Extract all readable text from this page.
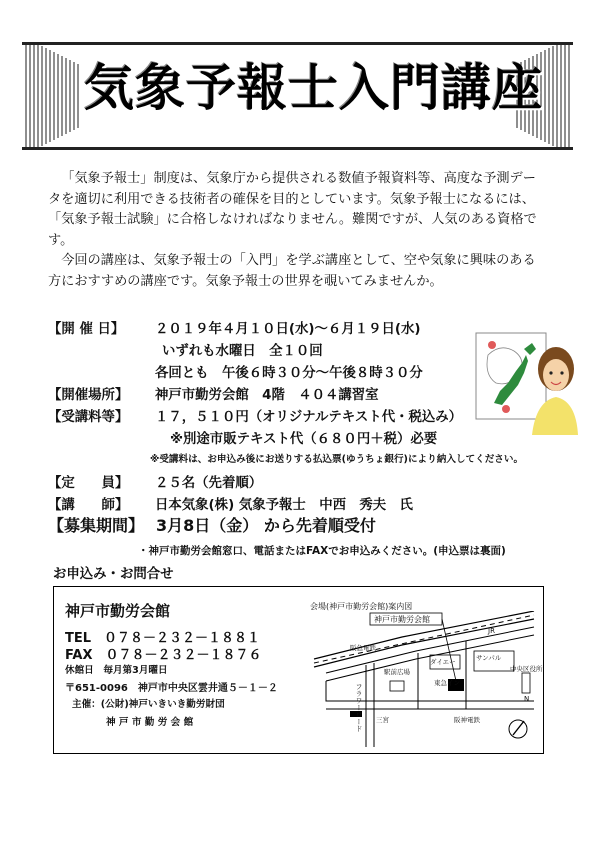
気象予報士入門講座

「気象予報士」制度は、気象庁から提供される数値予報資料等、高度な予測データを適切に利用できる技術者の確保を目的としています。気象予報士になるには、「気象予報士試験」に合格しなければなりません。難関ですが、人気のある資格です。

今回の講座は、気象予報士の「入門」を学ぶ講座として、空や気象に興味のある方におすすめの講座です。気象予報士の世界を覗いてみませんか。

【開 催 日】 ２０１９年４月１０日(水)～６月１９日(水)
いずれも水曜日　全１０回
各回とも　午後６時３０分～午後８時３０分
【開催場所】 神戸市勤労会館　4階　４０４講習室
【受講料等】 １７，５１０円（オリジナルテキスト代・税込み）
※別途市販テキスト代（６８０円＋税）必要
※受講料は、お申込み後にお送りする払込票(ゆうちょ銀行)により納入してください。
【定　　員】 ２５名（先着順）
【講　　師】 日本気象(株) 気象予報士　中西　秀夫　氏
【募集期間】 3月8日（金） から先着順受付
・神戸市勤労会館窓口、電話またはFAXでお申込みください。(申込票は裏面)
お申込み・お問合せ
神戸市勤労会館
TEL　０７８－２３２－１８８１
FAX　０７８－２３２－１８７６
休館日　毎月第3月曜日
〒651-0096　神戸市中央区雲井通５－１－２
主催：(公財)神戸いきいき勤労財団
神 戸 市 勤 労 会 館
会場(神戸市勤労会館)案内図
神戸市勤労会館
阪急電鉄
JR
ダイエー	サンパル
中央区役所
東急イン
駅前広場
フラワーロード 三宮	阪神電鉄
N
